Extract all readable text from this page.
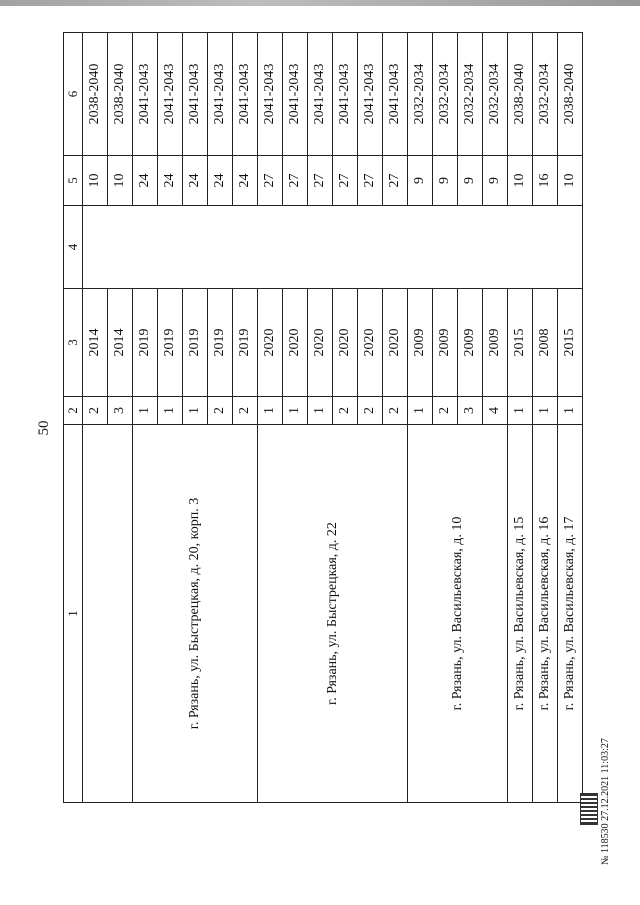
50
1	2	3	4	5	6
	2	2014		10	2038-2040
	3	2014		10	2038-2040
г. Рязань, ул. Быстрецкая, д. 20, корп. 3	1	2019		24	2041-2043
	1	2019		24	2041-2043
	1	2019		24	2041-2043
	2	2019		24	2041-2043
	2	2019		24	2041-2043
г. Рязань, ул. Быстрецкая, д. 22	1	2020		27	2041-2043
	1	2020		27	2041-2043
	1	2020		27	2041-2043
	2	2020		27	2041-2043
	2	2020		27	2041-2043
	2	2020		27	2041-2043
г. Рязань, ул. Васильевская, д. 10	1	2009		9	2032-2034
	2	2009		9	2032-2034
	3	2009		9	2032-2034
	4	2009		9	2032-2034
г. Рязань, ул. Васильевская, д. 15	1	2015		10	2038-2040
г. Рязань, ул. Васильевская, д. 16	1	2008		16	2032-2034
г. Рязань, ул. Васильевская, д. 17	1	2015		10	2038-2040
№ 118530 27.12.2021 11:03:27
